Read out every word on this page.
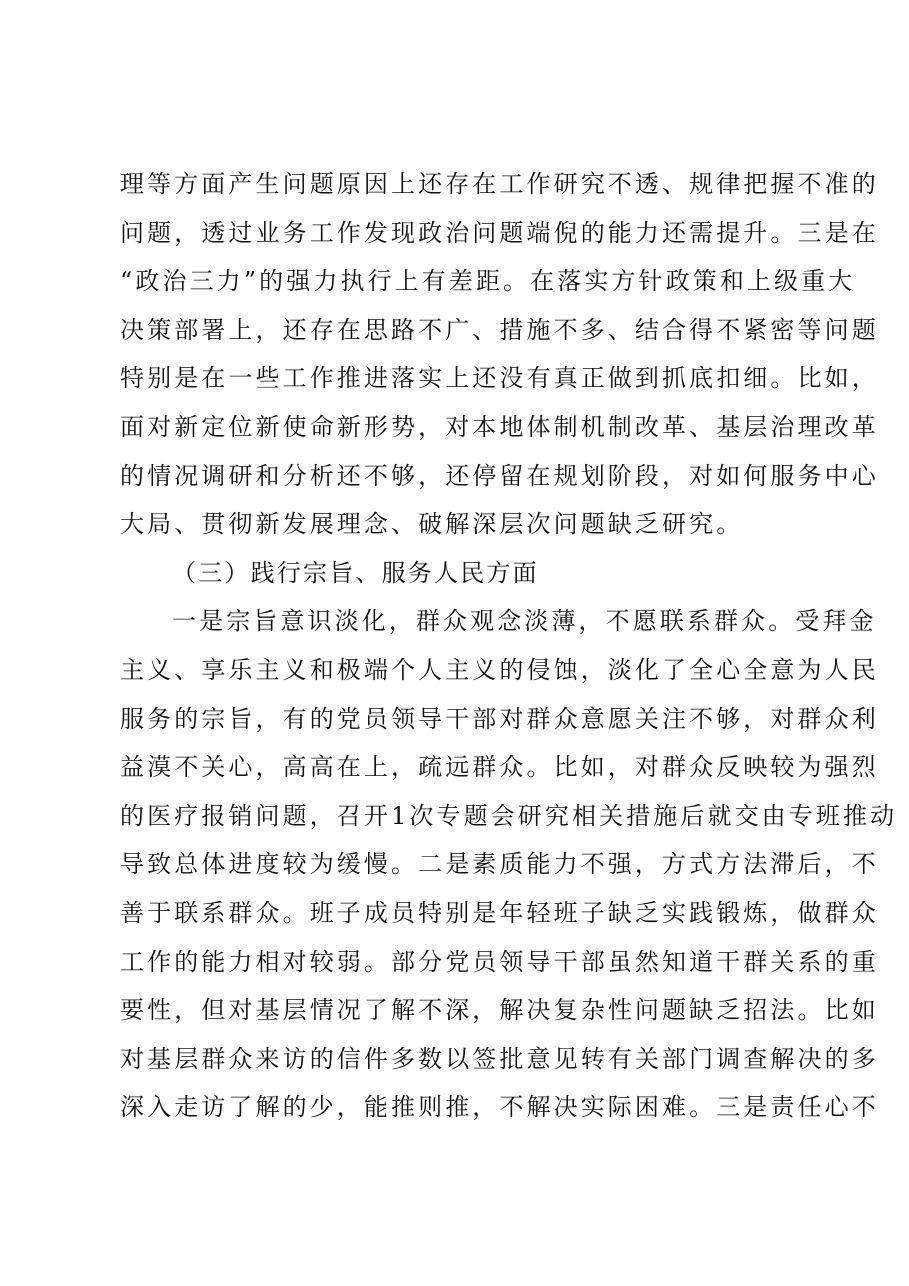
理等方面产生问题原因上还存在工作研究不透、规律把握不准的
问题，透过业务工作发现政治问题端倪的能力还需提升。三是在
“政治三力”的强力执行上有差距。在落实方针政策和上级重大
决策部署上，还存在思路不广、措施不多、结合得不紧密等问题
特别是在一些工作推进落实上还没有真正做到抓底扣细。比如，
面对新定位新使命新形势，对本地体制机制改革、基层治理改革
的情况调研和分析还不够，还停留在规划阶段，对如何服务中心
大局、贯彻新发展理念、破解深层次问题缺乏研究。
（三）践行宗旨、服务人民方面
一是宗旨意识淡化，群众观念淡薄，不愿联系群众。受拜金
主义、享乐主义和极端个人主义的侵蚀，淡化了全心全意为人民
服务的宗旨，有的党员领导干部对群众意愿关注不够，对群众利
益漠不关心，高高在上，疏远群众。比如，对群众反映较为强烈
的医疗报销问题，召开1次专题会研究相关措施后就交由专班推动
导致总体进度较为缓慢。二是素质能力不强，方式方法滞后，不
善于联系群众。班子成员特别是年轻班子缺乏实践锻炼，做群众
工作的能力相对较弱。部分党员领导干部虽然知道干群关系的重
要性，但对基层情况了解不深，解决复杂性问题缺乏招法。比如
对基层群众来访的信件多数以签批意见转有关部门调查解决的多
深入走访了解的少，能推则推，不解决实际困难。三是责任心不
